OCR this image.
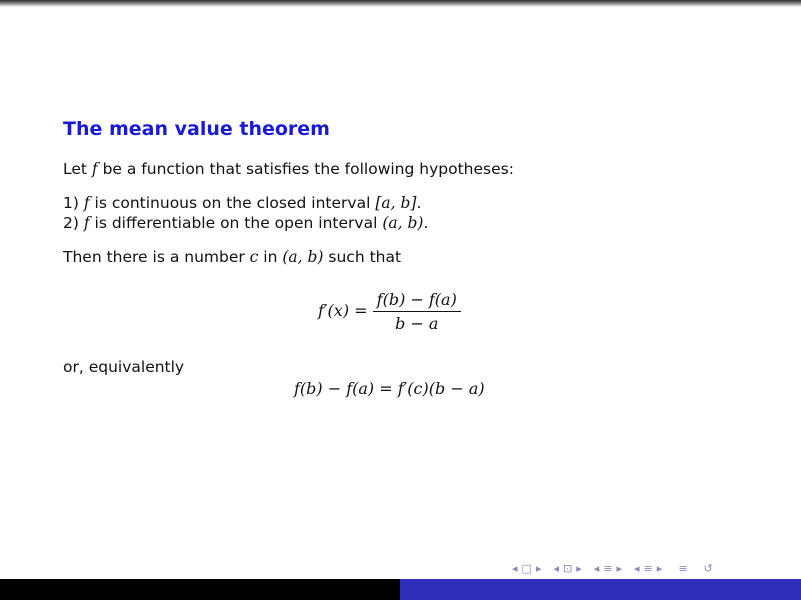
The mean value theorem
Let f be a function that satisfies the following hypotheses:
1) f is continuous on the closed interval [a, b].
2) f is differentiable on the open interval (a, b).
Then there is a number c in (a, b) such that
$f'(x) = \frac{f(b) - f(a)}{b - a}$
or, equivalently
f(b) − f(a) = f′(c)(b − a)
◂ □ ▸ ◂ ⊡ ▸ ◂ ≡ ▸ ◂ ≡ ▸ ≡ ↺
